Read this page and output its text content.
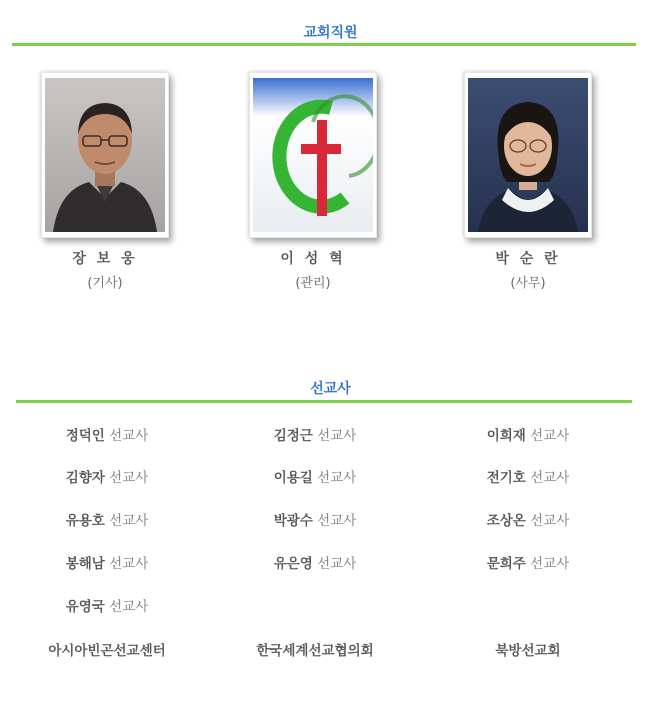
교회직원
장 보 웅
(기사)
이 성 혁
(관리)
박 순 란
(사무)
선교사
정덕인 선교사	김정근 선교사	이희재 선교사
김향자 선교사	이용길 선교사	전기호 선교사
유용호 선교사	박광수 선교사	조상온 선교사
봉해남 선교사	유은영 선교사	문희주 선교사
유영국 선교사
아시아빈곤선교센터	한국세계선교협의회	북방선교회
